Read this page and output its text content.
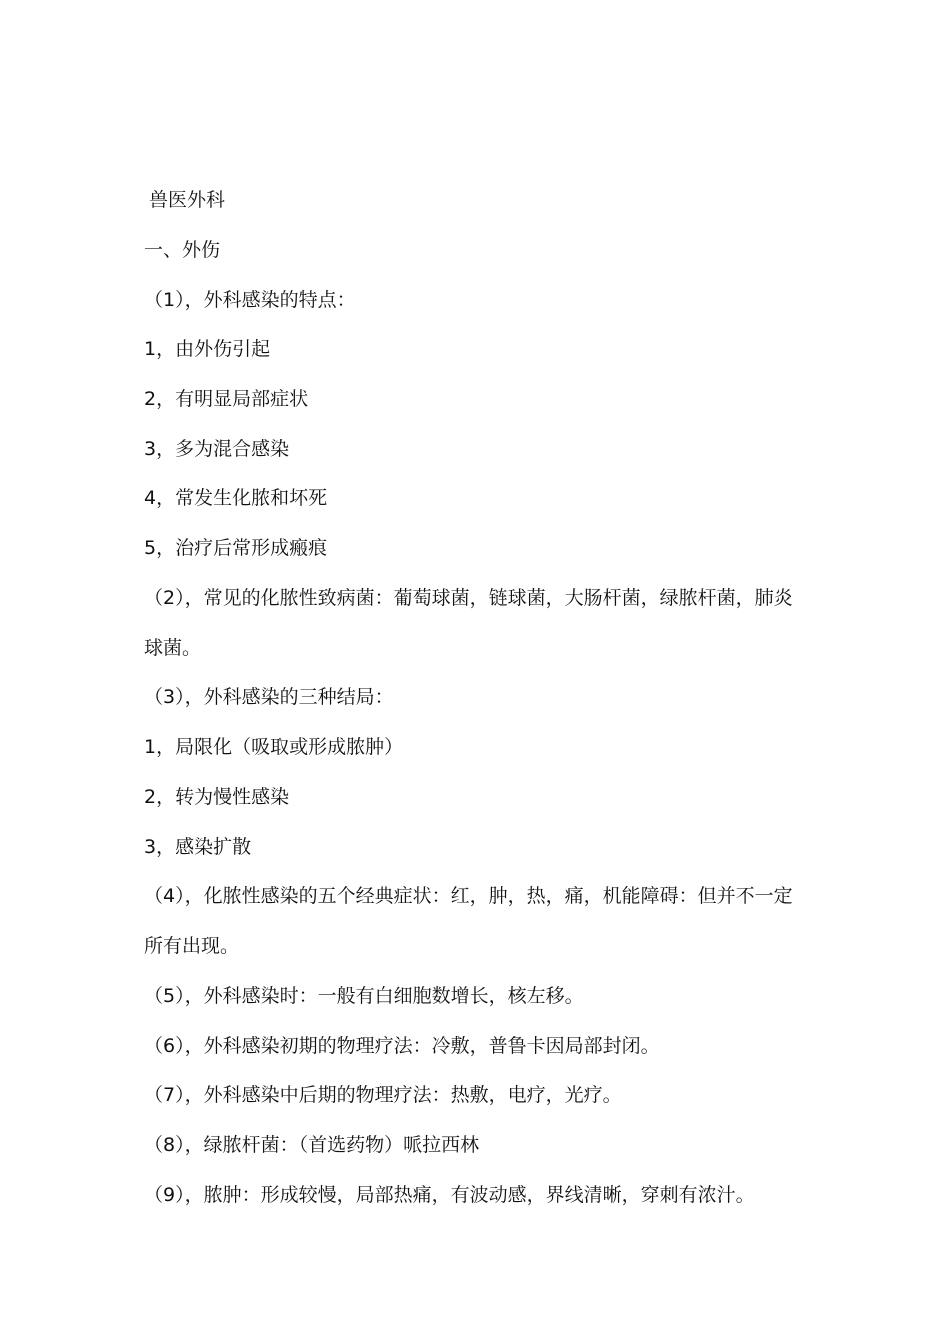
兽医外科
一、外伤
（1），外科感染的特点：
1，由外伤引起
2，有明显局部症状
3，多为混合感染
4，常发生化脓和坏死
5，治疗后常形成瘢痕
（2），常见的化脓性致病菌：葡萄球菌，链球菌，大肠杆菌，绿脓杆菌，肺炎
球菌。
（3），外科感染的三种结局：
1，局限化（吸取或形成脓肿）
2，转为慢性感染
3，感染扩散
（4），化脓性感染的五个经典症状：红，肿，热，痛，机能障碍：但并不一定
所有出现。
（5），外科感染时：一般有白细胞数增长，核左移。
（6），外科感染初期的物理疗法：冷敷，普鲁卡因局部封闭。
（7），外科感染中后期的物理疗法：热敷，电疗，光疗。
（8），绿脓杆菌：（首选药物）哌拉西林
（9），脓肿：形成较慢，局部热痛，有波动感，界线清晰，穿刺有浓汁。
